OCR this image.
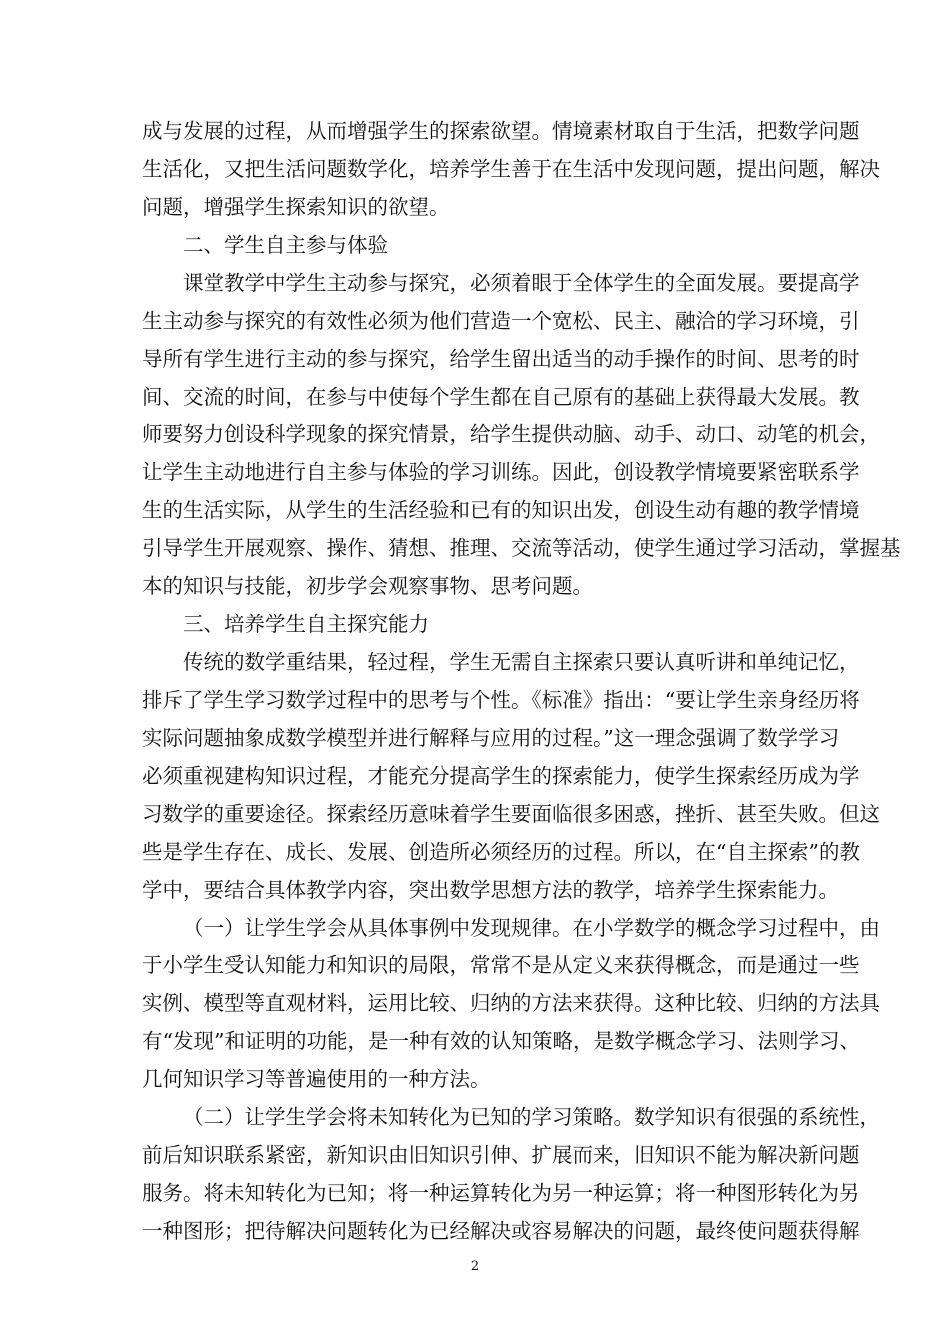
成与发展的过程，从而增强学生的探索欲望。情境素材取自于生活，把数学问题
生活化，又把生活问题数学化，培养学生善于在生活中发现问题，提出问题，解决
问题，增强学生探索知识的欲望。
二、学生自主参与体验
课堂教学中学生主动参与探究，必须着眼于全体学生的全面发展。要提高学
生主动参与探究的有效性必须为他们营造一个宽松、民主、融洽的学习环境，引
导所有学生进行主动的参与探究，给学生留出适当的动手操作的时间、思考的时
间、交流的时间，在参与中使每个学生都在自己原有的基础上获得最大发展。教
师要努力创设科学现象的探究情景，给学生提供动脑、动手、动口、动笔的机会，
让学生主动地进行自主参与体验的学习训练。因此，创设教学情境要紧密联系学
生的生活实际，从学生的生活经验和已有的知识出发，创设生动有趣的教学情境
引导学生开展观察、操作、猜想、推理、交流等活动，使学生通过学习活动，掌握基
本的知识与技能，初步学会观察事物、思考问题。
三、培养学生自主探究能力
传统的数学重结果，轻过程，学生无需自主探索只要认真听讲和单纯记忆，
排斥了学生学习数学过程中的思考与个性。《标准》指出：“要让学生亲身经历将
实际问题抽象成数学模型并进行解释与应用的过程。”这一理念强调了数学学习
必须重视建构知识过程，才能充分提高学生的探索能力，使学生探索经历成为学
习数学的重要途径。探索经历意味着学生要面临很多困惑，挫折、甚至失败。但这
些是学生存在、成长、发展、创造所必须经历的过程。所以，在“自主探索”的教
学中，要结合具体教学内容，突出数学思想方法的教学，培养学生探索能力。
（一）让学生学会从具体事例中发现规律。在小学数学的概念学习过程中，由
于小学生受认知能力和知识的局限，常常不是从定义来获得概念，而是通过一些
实例、模型等直观材料，运用比较、归纳的方法来获得。这种比较、归纳的方法具
有“发现”和证明的功能，是一种有效的认知策略，是数学概念学习、法则学习、
几何知识学习等普遍使用的一种方法。
（二）让学生学会将未知转化为已知的学习策略。数学知识有很强的系统性，
前后知识联系紧密，新知识由旧知识引伸、扩展而来，旧知识不能为解决新问题
服务。将未知转化为已知；将一种运算转化为另一种运算；将一种图形转化为另
一种图形；把待解决问题转化为已经解决或容易解决的问题，最终使问题获得解
2
